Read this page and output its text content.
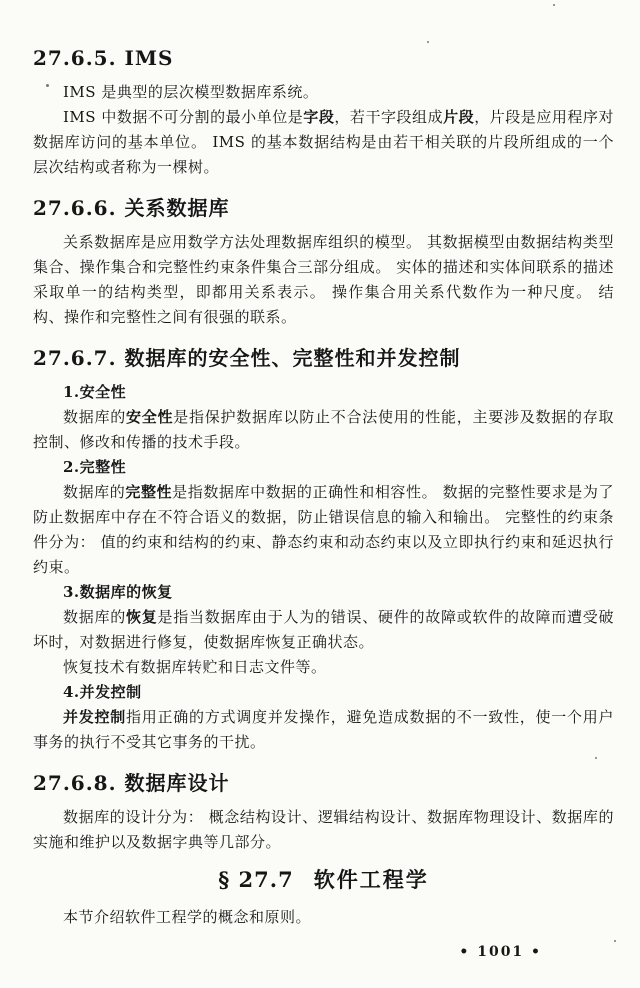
27.6.5. IMS

IMS 是典型的层次模型数据库系统。

IMS 中数据不可分割的最小单位是字段，若干字段组成片段，片段是应用程序对数据库访问的基本单位。 IMS 的基本数据结构是由若干相关联的片段所组成的一个层次结构或者称为一棵树。

27.6.6. 关系数据库

关系数据库是应用数学方法处理数据库组织的模型。 其数据模型由数据结构类型集合、操作集合和完整性约束条件集合三部分组成。 实体的描述和实体间联系的描述采取单一的结构类型，即都用关系表示。 操作集合用关系代数作为一种尺度。 结构、操作和完整性之间有很强的联系。

27.6.7. 数据库的安全性、完整性和并发控制

1.安全性

数据库的安全性是指保护数据库以防止不合法使用的性能，主要涉及数据的存取控制、修改和传播的技术手段。

2.完整性

数据库的完整性是指数据库中数据的正确性和相容性。 数据的完整性要求是为了防止数据库中存在不符合语义的数据，防止错误信息的输入和输出。 完整性的约束条件分为： 值的约束和结构的约束、静态约束和动态约束以及立即执行约束和延迟执行约束。

3.数据库的恢复

数据库的恢复是指当数据库由于人为的错误、硬件的故障或软件的故障而遭受破坏时，对数据进行修复，使数据库恢复正确状态。

恢复技术有数据库转贮和日志文件等。

4.并发控制

并发控制指用正确的方式调度并发操作，避免造成数据的不一致性，使一个用户事务的执行不受其它事务的干扰。

27.6.8. 数据库设计

数据库的设计分为： 概念结构设计、逻辑结构设计、数据库物理设计、数据库的实施和维护以及数据字典等几部分。

§ 27.7 软件工程学

本节介绍软件工程学的概念和原则。

• 1001 •
